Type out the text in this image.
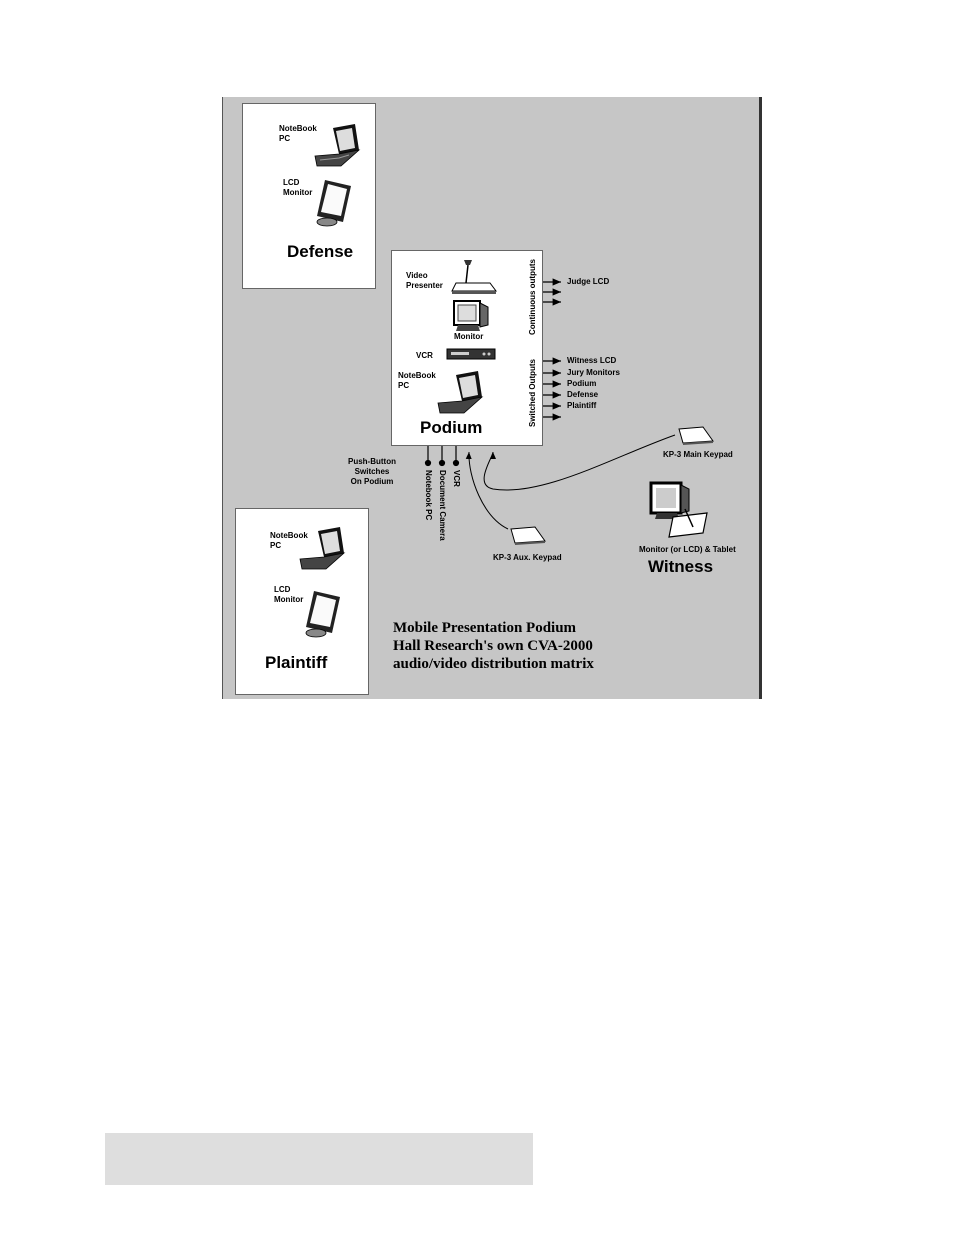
NoteBook
PC
LCD
Monitor
Defense
Video
Presenter
Monitor
VCR
NoteBook
PC
Podium
Continuous outputs
Switched Outputs
Judge LCD
Witness LCD
Jury Monitors
Podium
Defense
Plaintiff
Push-Button
Switches
On Podium	Notebook PC Document Camera VCR
KP-3 Main Keypad
KP-3 Aux. Keypad
Monitor (or LCD) & Tablet
Witness
NoteBook
PC
LCD
Monitor
Plaintiff
Mobile Presentation Podium
Hall Research's own CVA-2000
audio/video distribution matrix
